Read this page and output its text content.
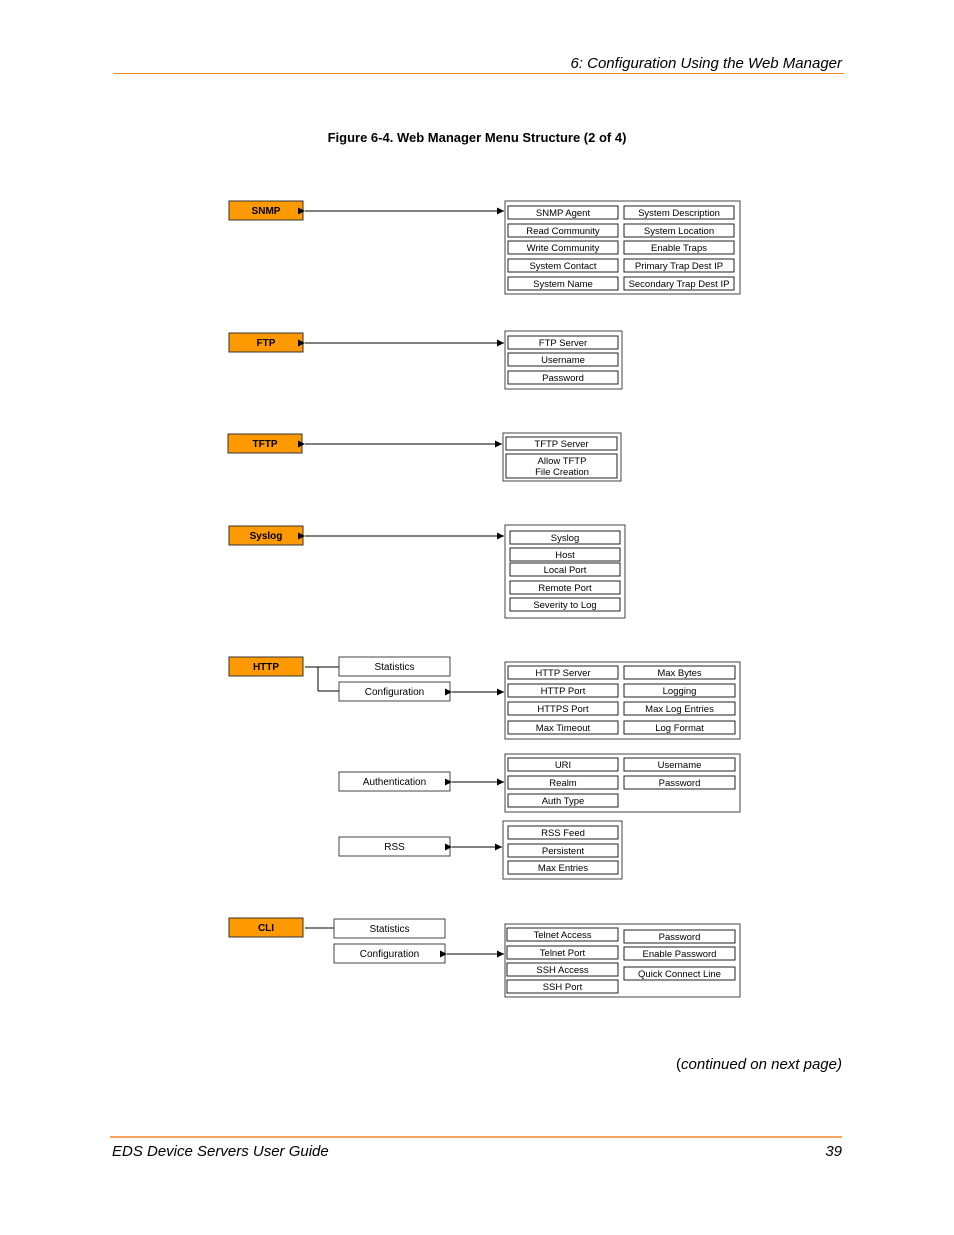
6: Configuration Using the Web Manager
Figure 6-4. Web Manager Menu Structure (2 of 4)
SNMP	SNMP Agent
Read Community
Write Community
System Contact
System Name
System Description
System Location
Enable Traps
Primary Trap Dest IP
Secondary Trap Dest IP
FTP	FTP Server
Username
Password
TFTP	TFTP Server
Allow TFTP
File Creation
Syslog	Syslog
Host
Local Port
Remote Port
Severity to Log
HTTP	Statistics
Configuration
Authentication
RSS
HTTP Server
HTTP Port
HTTPS Port
Max Timeout
Max Bytes
Logging
Max Log Entries
Log Format
URI
Realm
Auth Type
Username
Password
RSS Feed
Persistent
Max Entries
CLI	Statistics
Configuration
Telnet Access
Telnet Port
SSH Access
SSH Port
Password
Enable Password
Quick Connect Line
(continued on next page)
EDS Device Servers User Guide	39
